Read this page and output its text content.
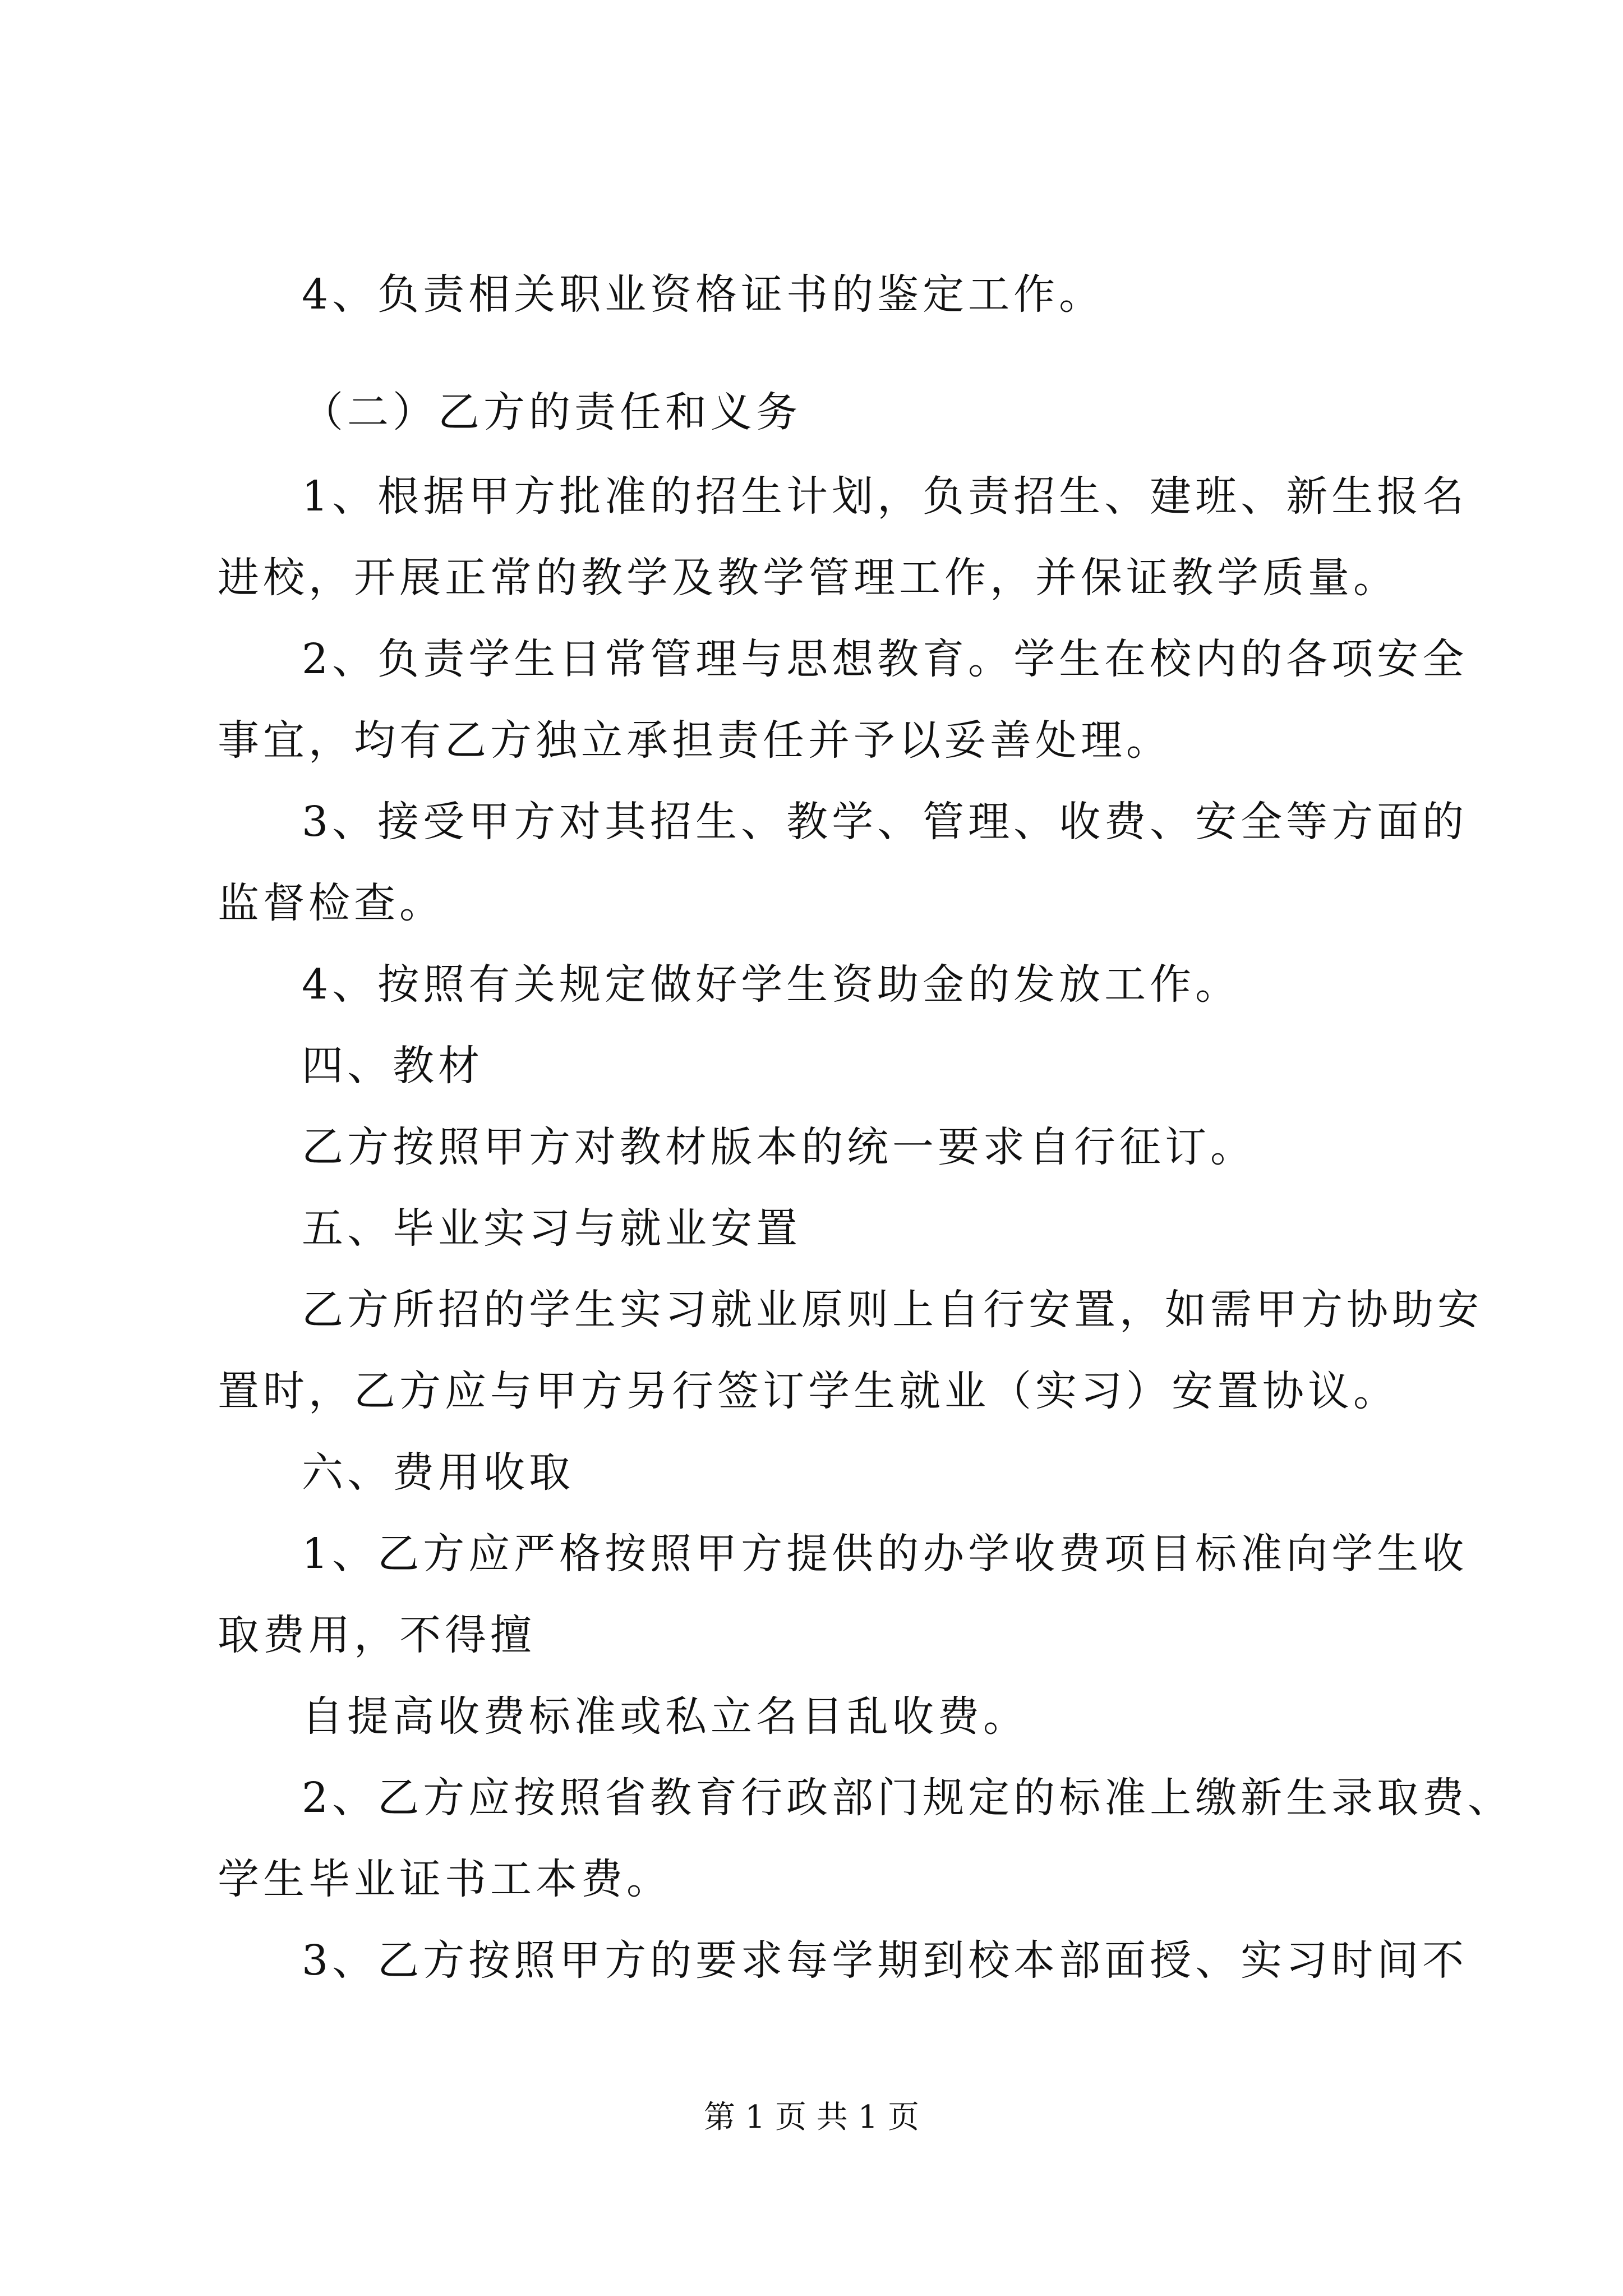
4、负责相关职业资格证书的鉴定工作。
（二）乙方的责任和义务
1、根据甲方批准的招生计划，负责招生、建班、新生报名
进校，开展正常的教学及教学管理工作，并保证教学质量。
2、负责学生日常管理与思想教育。学生在校内的各项安全
事宜，均有乙方独立承担责任并予以妥善处理。
3、接受甲方对其招生、教学、管理、收费、安全等方面的
监督检查。
4、按照有关规定做好学生资助金的发放工作。
四、教材
乙方按照甲方对教材版本的统一要求自行征订。
五、毕业实习与就业安置
乙方所招的学生实习就业原则上自行安置，如需甲方协助安
置时，乙方应与甲方另行签订学生就业（实习）安置协议。
六、费用收取
1、乙方应严格按照甲方提供的办学收费项目标准向学生收
取费用，不得擅
自提高收费标准或私立名目乱收费。
2、乙方应按照省教育行政部门规定的标准上缴新生录取费、
学生毕业证书工本费。
3、乙方按照甲方的要求每学期到校本部面授、实习时间不
第 1 页 共 1 页
